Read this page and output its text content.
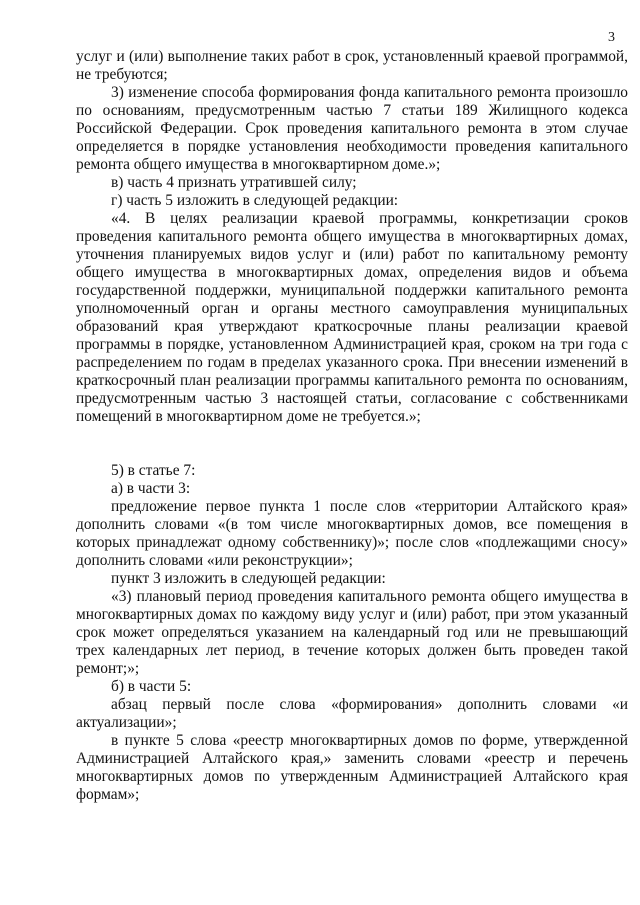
3

услуг и (или) выполнение таких работ в срок, установленный краевой программой, не требуются;

3) изменение способа формирования фонда капитального ремонта произошло по основаниям, предусмотренным частью 7 статьи 189 Жилищного кодекса Российской Федерации. Срок проведения капитального ремонта в этом случае определяется в порядке установления необходимости проведения капитального ремонта общего имущества в многоквартирном доме.»;

в) часть 4 признать утратившей силу;

г) часть 5 изложить в следующей редакции:

«4. В целях реализации краевой программы, конкретизации сроков проведения капитального ремонта общего имущества в многоквартирных домах, уточнения планируемых видов услуг и (или) работ по капитальному ремонту общего имущества в многоквартирных домах, определения видов и объема государственной поддержки, муниципальной поддержки капитального ремонта уполномоченный орган и органы местного самоуправления муниципальных образований края утверждают краткосрочные планы реализации краевой программы в порядке, установленном Администрацией края, сроком на три года с распределением по годам в пределах указанного срока. При внесении изменений в краткосрочный план реализации программы капитального ремонта по основаниям, предусмотренным частью 3 настоящей статьи, согласование с собственниками помещений в многоквартирном доме не требуется.»;

5) в статье 7:

а) в части 3:

предложение первое пункта 1 после слов «территории Алтайского края» дополнить словами «(в том числе многоквартирных домов, все помещения в которых принадлежат одному собственнику)»; после слов «подлежащими сносу» дополнить словами «или реконструкции»;

пункт 3 изложить в следующей редакции:

«3) плановый период проведения капитального ремонта общего имущества в многоквартирных домах по каждому виду услуг и (или) работ, при этом указанный срок может определяться указанием на календарный год или не превышающий трех календарных лет период, в течение которых должен быть проведен такой ремонт;»;

б) в части 5:

абзац первый после слова «формирования» дополнить словами «и актуализации»;

в пункте 5 слова «реестр многоквартирных домов по форме, утвержденной Администрацией Алтайского края,» заменить словами «реестр и перечень многоквартирных домов по утвержденным Администрацией Алтайского края формам»;
